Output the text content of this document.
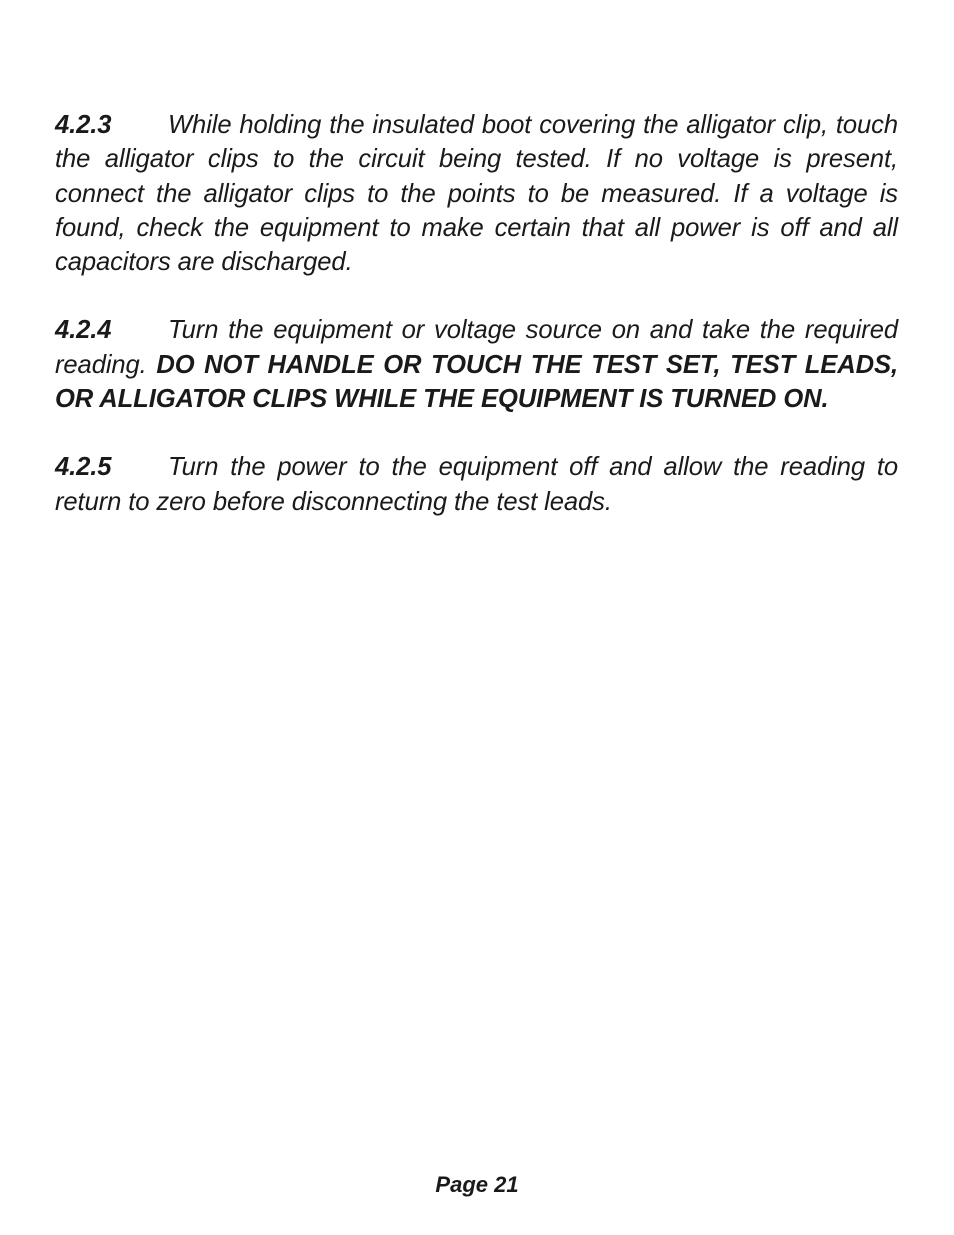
4.2.3 While holding the insulated boot covering the alligator clip, touch the alligator clips to the circuit being tested. If no voltage is present, connect the alligator clips to the points to be measured. If a voltage is found, check the equipment to make certain that all power is off and all capacitors are discharged.

4.2.4 Turn the equipment or voltage source on and take the required reading. DO NOT HANDLE OR TOUCH THE TEST SET, TEST LEADS, OR ALLIGATOR CLIPS WHILE THE EQUIPMENT IS TURNED ON.

4.2.5 Turn the power to the equipment off and allow the reading to return to zero before disconnecting the test leads.

Page 21
